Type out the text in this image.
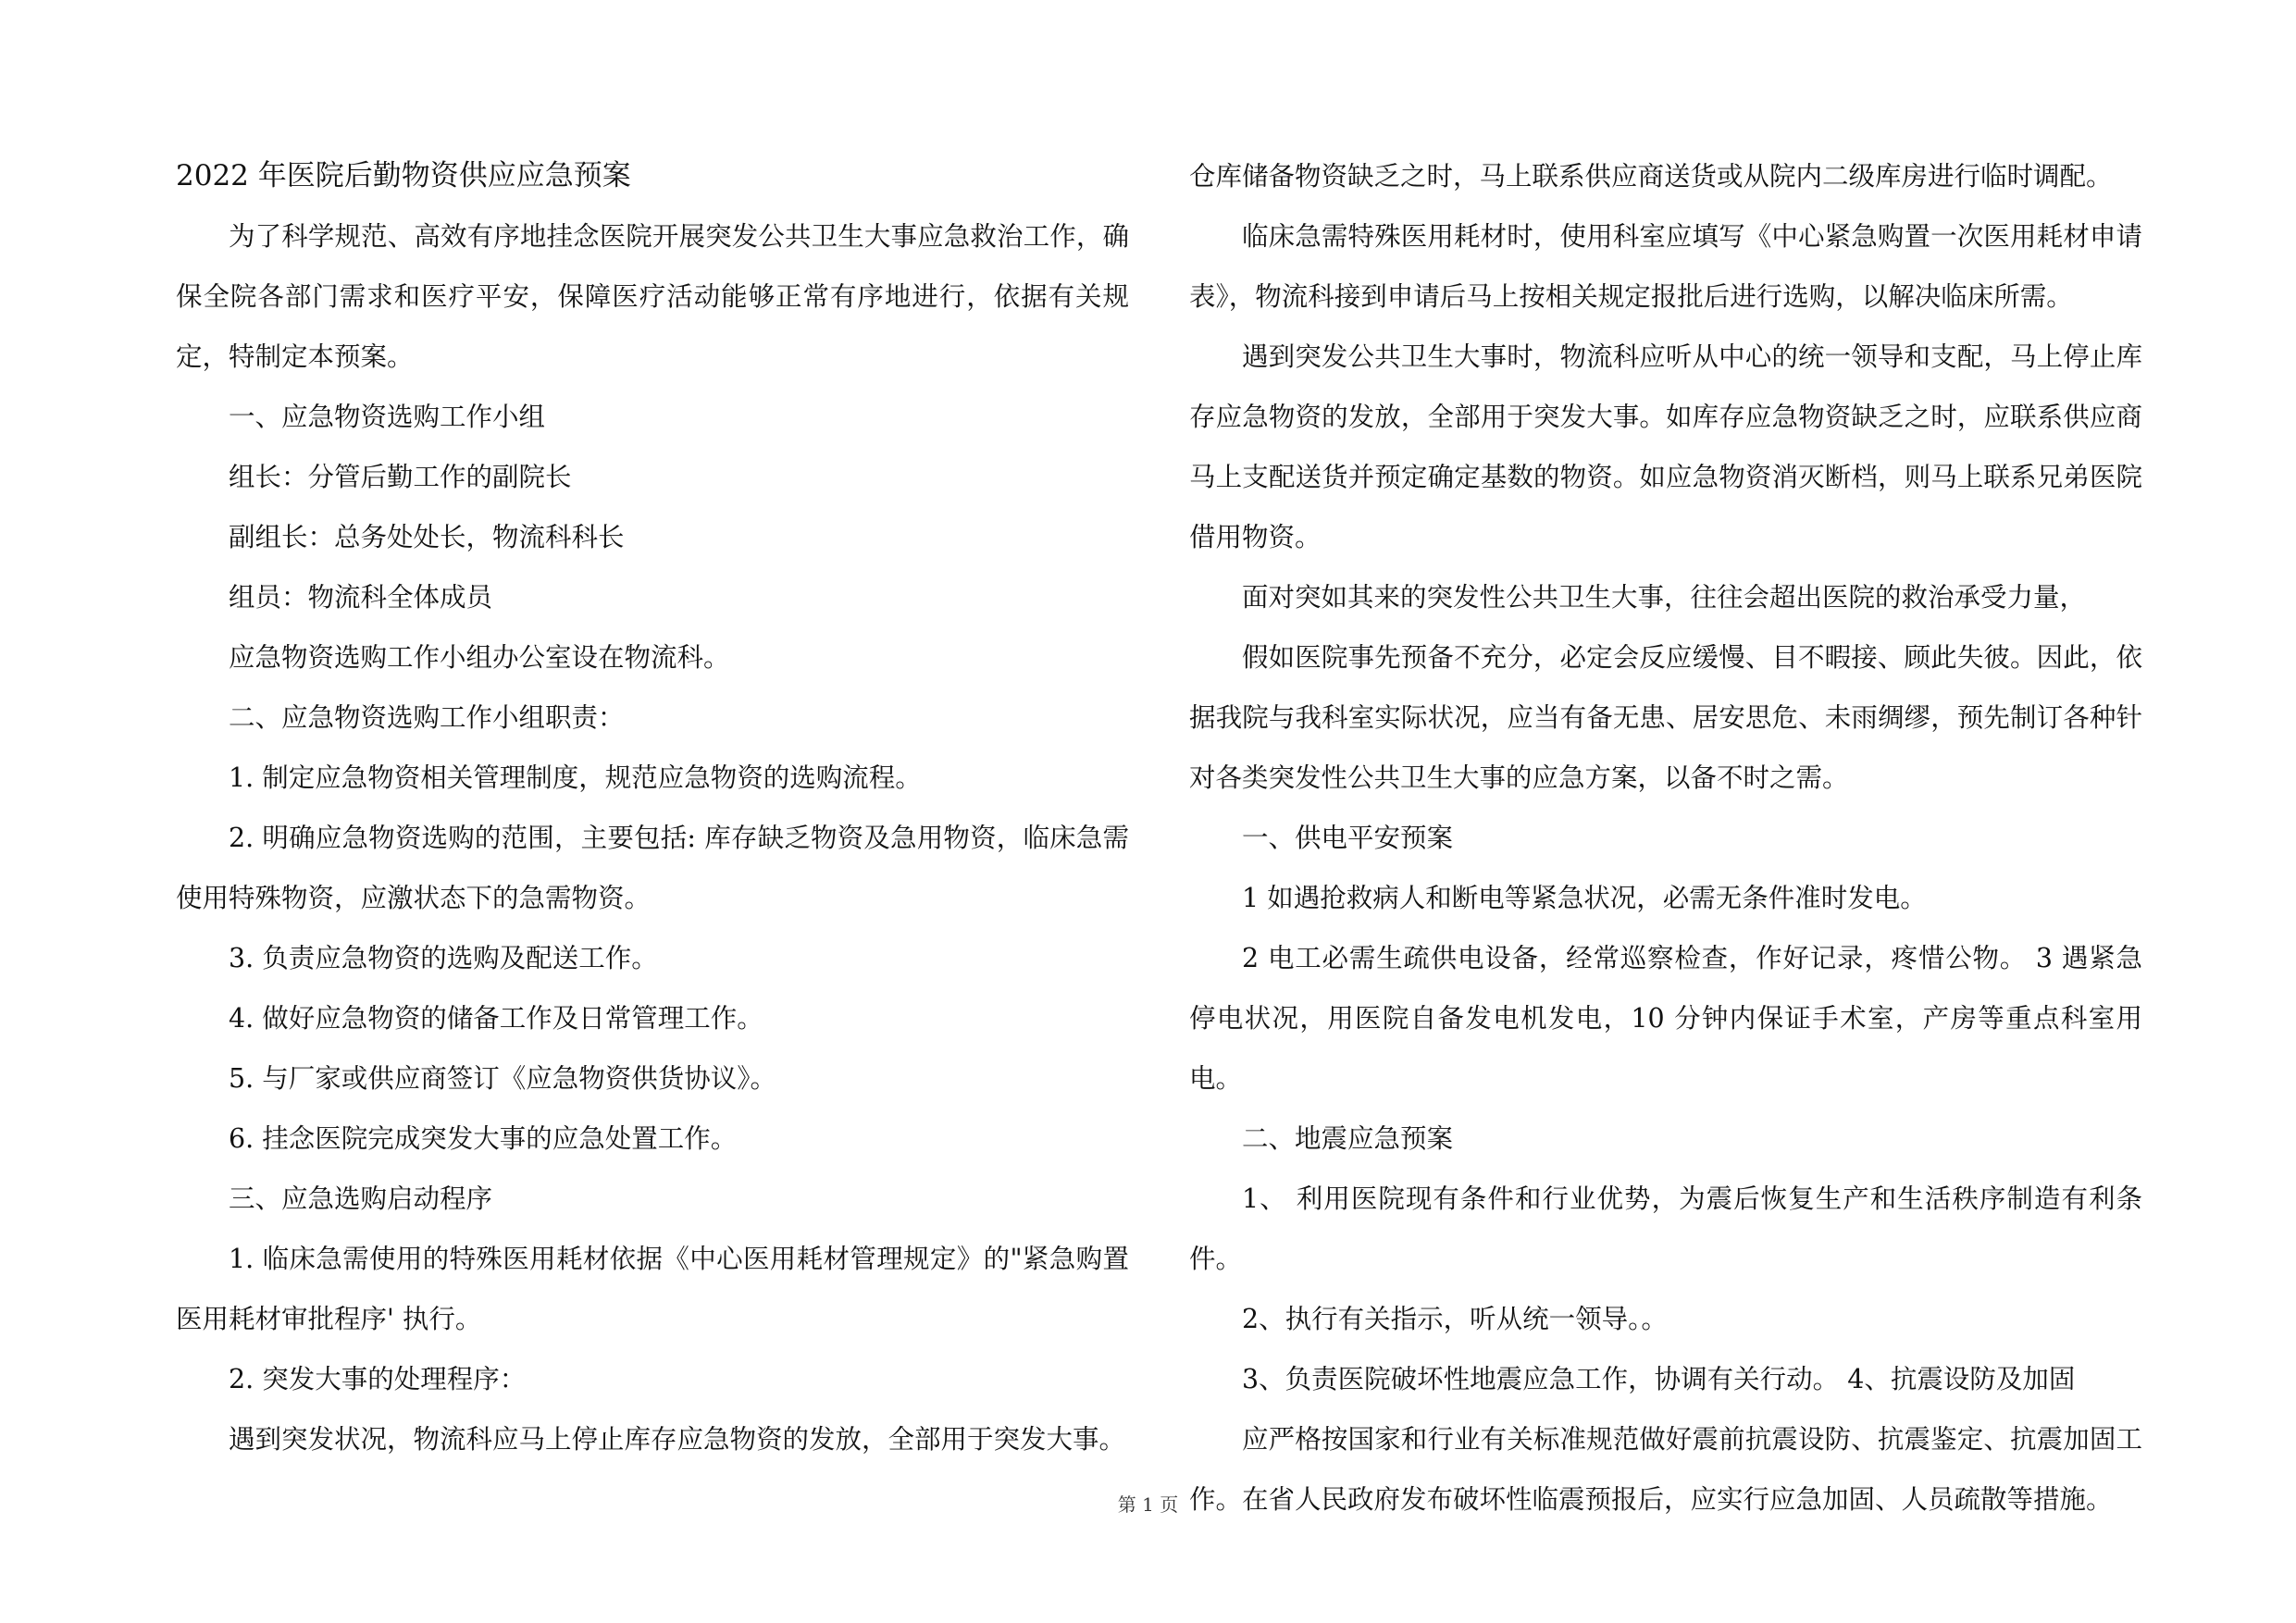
2022 年医院后勤物资供应应急预案

为了科学规范、高效有序地挂念医院开展突发公共卫生大事应急救治工作，确保全院各部门需求和医疗平安，保障医疗活动能够正常有序地进行，依据有关规定，特制定本预案。

一、应急物资选购工作小组

组长：分管后勤工作的副院长

副组长：总务处处长，物流科科长

组员：物流科全体成员

应急物资选购工作小组办公室设在物流科。

二、应急物资选购工作小组职责：

1. 制定应急物资相关管理制度，规范应急物资的选购流程。

2. 明确应急物资选购的范围，主要包括: 库存缺乏物资及急用物资，临床急需使用特殊物资，应激状态下的急需物资。

3. 负责应急物资的选购及配送工作。

4. 做好应急物资的储备工作及日常管理工作。

5. 与厂家或供应商签订《应急物资供货协议》。

6. 挂念医院完成突发大事的应急处置工作。

三、应急选购启动程序

1. 临床急需使用的特殊医用耗材依据《中心医用耗材管理规定》的"紧急购置医用耗材审批程序' 执行。

2. 突发大事的处理程序：

遇到突发状况，物流科应马上停止库存应急物资的发放，全部用于突发大事。

仓库储备物资缺乏之时，马上联系供应商送货或从院内二级库房进行临时调配。

临床急需特殊医用耗材时，使用科室应填写《中心紧急购置一次医用耗材申请表》，物流科接到申请后马上按相关规定报批后进行选购，以解决临床所需。

遇到突发公共卫生大事时，物流科应听从中心的统一领导和支配，马上停止库存应急物资的发放，全部用于突发大事。如库存应急物资缺乏之时，应联系供应商马上支配送货并预定确定基数的物资。如应急物资消灭断档，则马上联系兄弟医院借用物资。

面对突如其来的突发性公共卫生大事，往往会超出医院的救治承受力量，

假如医院事先预备不充分，必定会反应缓慢、目不暇接、顾此失彼。因此，依据我院与我科室实际状况，应当有备无患、居安思危、未雨绸缪，预先制订各种针对各类突发性公共卫生大事的应急方案，以备不时之需。

一、供电平安预案

1 如遇抢救病人和断电等紧急状况，必需无条件准时发电。

2 电工必需生疏供电设备，经常巡察检查，作好记录，疼惜公物。 3 遇紧急停电状况，用医院自备发电机发电，10 分钟内保证手术室，产房等重点科室用电。

二、地震应急预案

1、 利用医院现有条件和行业优势，为震后恢复生产和生活秩序制造有利条件。

2、执行有关指示，听从统一领导。。

3、负责医院破坏性地震应急工作，协调有关行动。 4、抗震设防及加固

应严格按国家和行业有关标准规范做好震前抗震设防、抗震鉴定、抗震加固工作。在省人民政府发布破坏性临震预报后，应实行应急加固、人员疏散等措施。

第 1 页
